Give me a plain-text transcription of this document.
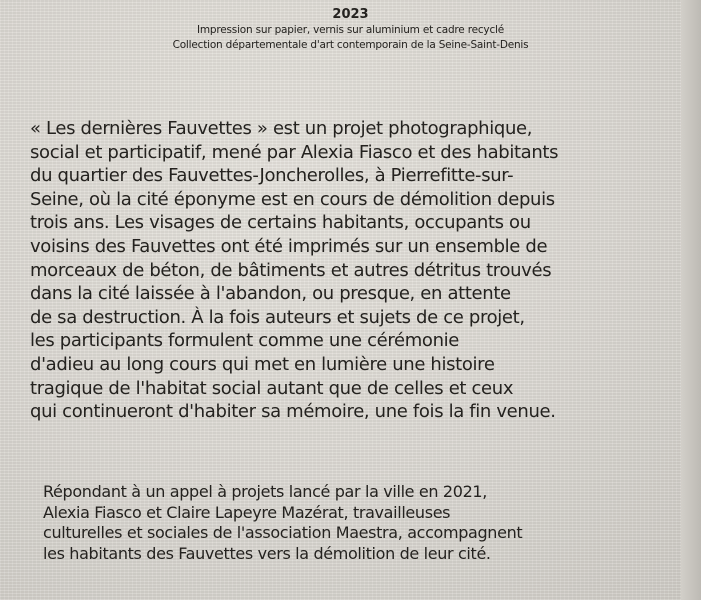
2023
Impression sur papier, vernis sur aluminium et cadre recyclé
Collection départementale d'art contemporain de la Seine-Saint-Denis
« Les dernières Fauvettes » est un projet photographique,
social et participatif, mené par Alexia Fiasco et des habitants
du quartier des Fauvettes-Joncherolles, à Pierrefitte-sur-
Seine, où la cité éponyme est en cours de démolition depuis
trois ans. Les visages de certains habitants, occupants ou
voisins des Fauvettes ont été imprimés sur un ensemble de
morceaux de béton, de bâtiments et autres détritus trouvés
dans la cité laissée à l'abandon, ou presque, en attente
de sa destruction. À la fois auteurs et sujets de ce projet,
les participants formulent comme une cérémonie
d'adieu au long cours qui met en lumière une histoire
tragique de l'habitat social autant que de celles et ceux
qui continueront d'habiter sa mémoire, une fois la fin venue.
Répondant à un appel à projets lancé par la ville en 2021,
Alexia Fiasco et Claire Lapeyre Mazérat, travailleuses
culturelles et sociales de l'association Maestra, accompagnent
les habitants des Fauvettes vers la démolition de leur cité.
